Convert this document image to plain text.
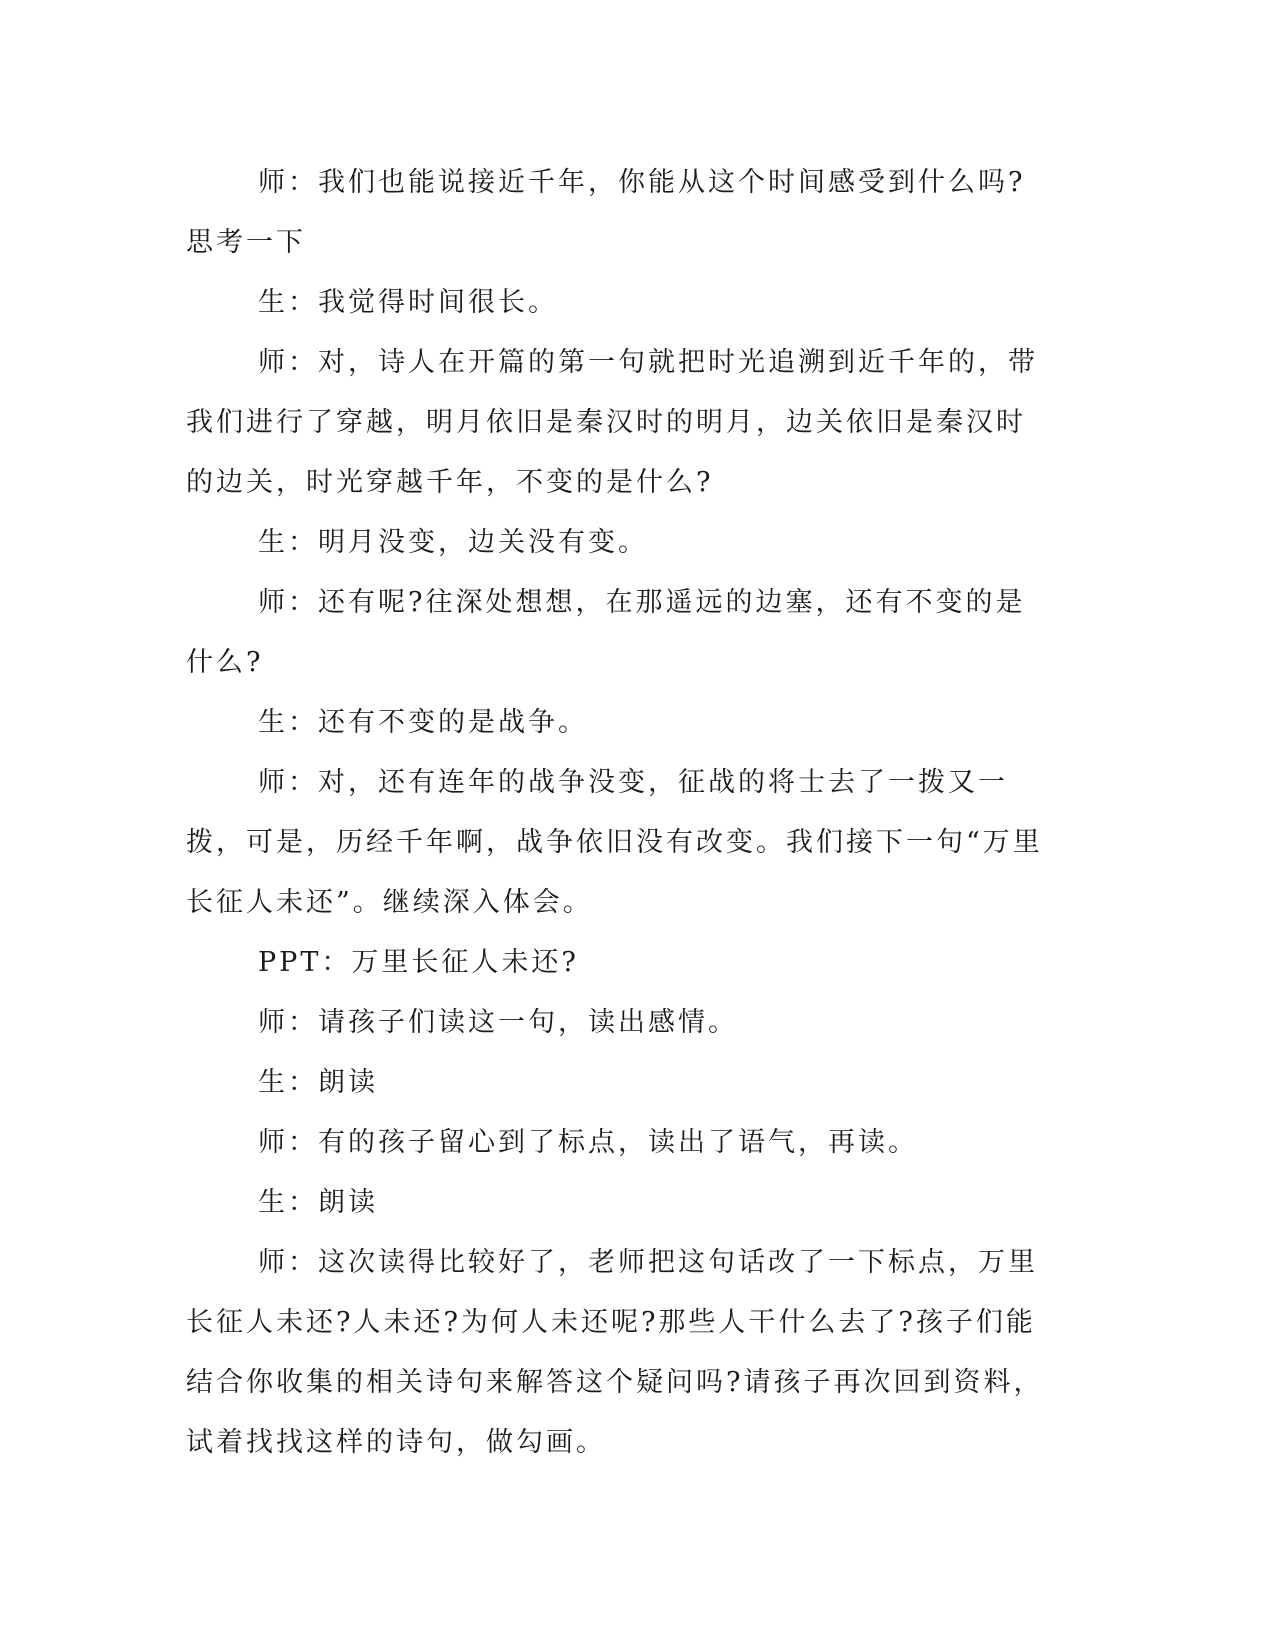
师：我们也能说接近千年，你能从这个时间感受到什么吗?思考一下

生：我觉得时间很长。

师：对，诗人在开篇的第一句就把时光追溯到近千年的，带我们进行了穿越，明月依旧是秦汉时的明月，边关依旧是秦汉时的边关，时光穿越千年，不变的是什么?

生：明月没变，边关没有变。

师：还有呢?往深处想想，在那遥远的边塞，还有不变的是什么?

生：还有不变的是战争。

师：对，还有连年的战争没变，征战的将士去了一拨又一拨，可是，历经千年啊，战争依旧没有改变。我们接下一句“万里长征人未还”。继续深入体会。

PPT：万里长征人未还?

师：请孩子们读这一句，读出感情。

生：朗读

师：有的孩子留心到了标点，读出了语气，再读。

生：朗读

师：这次读得比较好了，老师把这句话改了一下标点，万里长征人未还?人未还?为何人未还呢?那些人干什么去了?孩子们能结合你收集的相关诗句来解答这个疑问吗?请孩子再次回到资料，试着找找这样的诗句，做勾画。
